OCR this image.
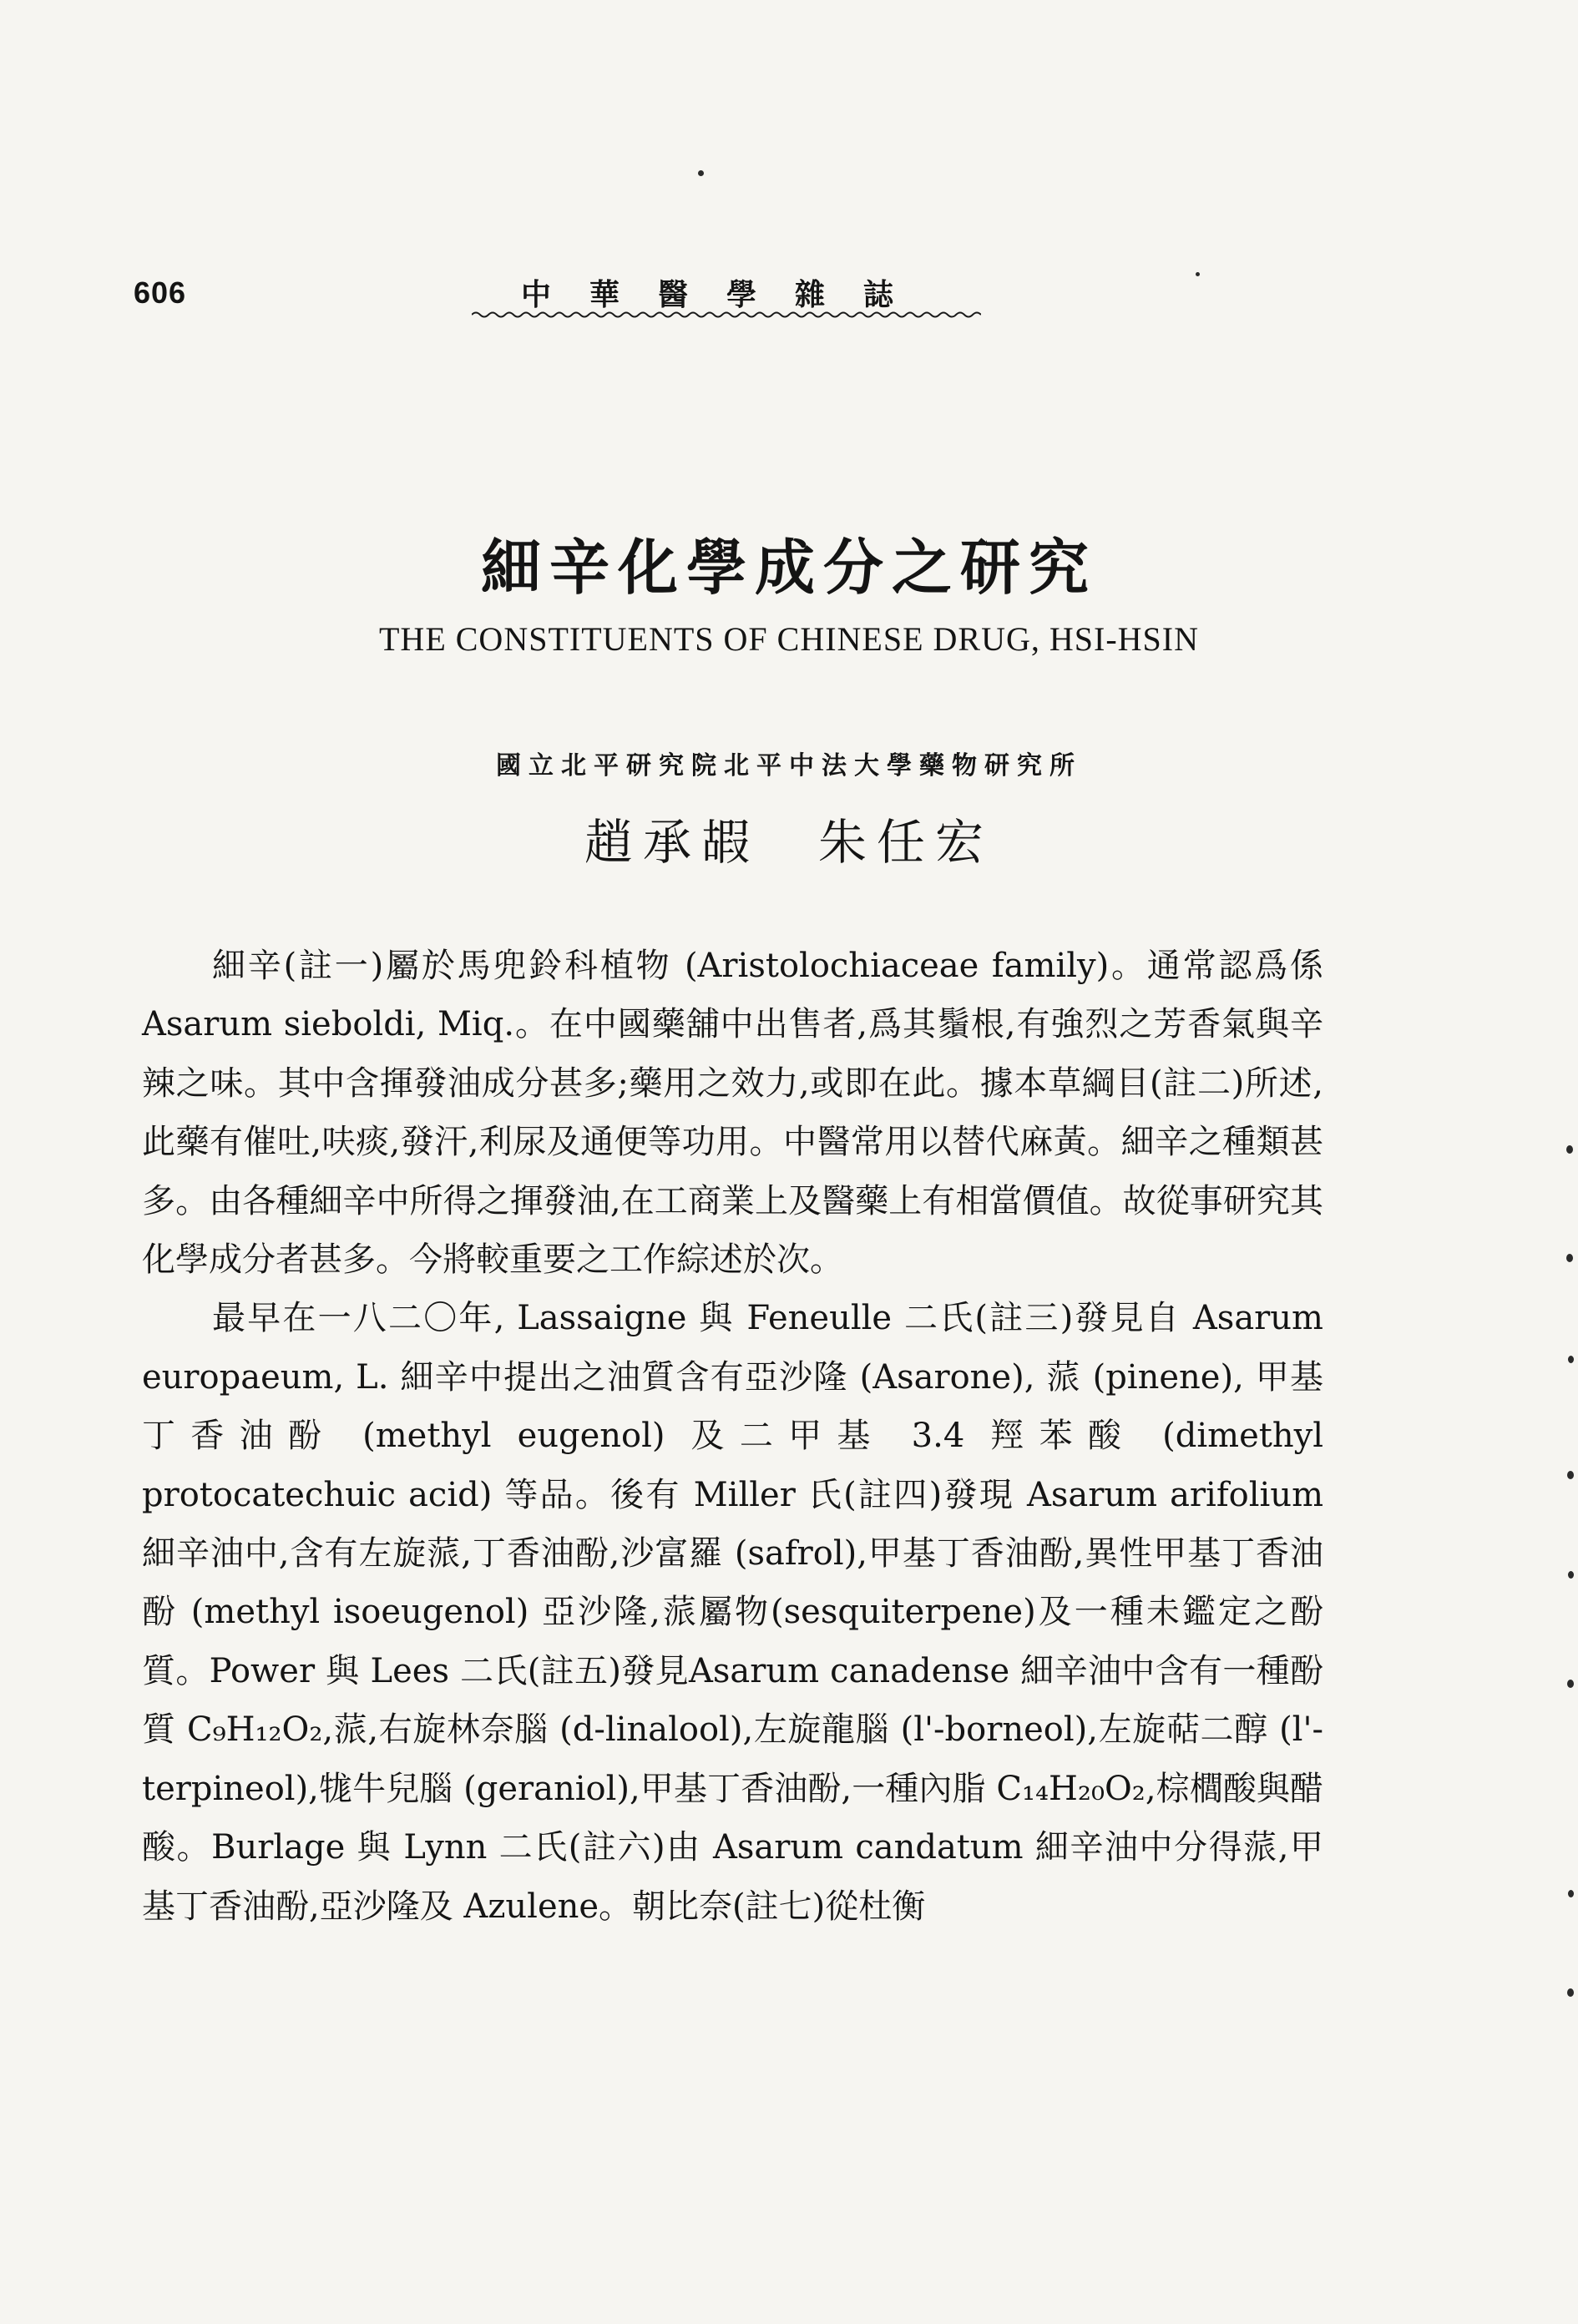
606	中華醫學雜誌
細辛化學成分之研究
THE CONSTITUENTS OF CHINESE DRUG, HSI-HSIN
國立北平研究院北平中法大學藥物研究所
趙承嘏　朱任宏

細辛(註一)屬於馬兜鈴科植物 (Aristolochiaceae family)。通常認爲係 Asarum sieboldi, Miq.。在中國藥舖中出售者,爲其鬚根,有強烈之芳香氣與辛辣之味。其中含揮發油成分甚多;藥用之效力,或即在此。據本草綱目(註二)所述,此藥有催吐,呋痰,發汗,利尿及通便等功用。中醫常用以替代麻黃。細辛之種類甚多。由各種細辛中所得之揮發油,在工商業上及醫藥上有相當價值。故從事研究其化學成分者甚多。今將較重要之工作綜述於次。

最早在一八二〇年, Lassaigne 與 Feneulle 二氏(註三)發見自 Asarum europaeum, L. 細辛中提出之油質含有亞沙隆 (Asarone), 蒎 (pinene), 甲基丁香油酚 (methyl eugenol) 及二甲基 3.4 羥苯酸 (dimethyl protocatechuic acid) 等品。後有 Miller 氏(註四)發現 Asarum arifolium 細辛油中,含有左旋蒎,丁香油酚,沙富羅 (safrol),甲基丁香油酚,異性甲基丁香油酚 (methyl isoeugenol) 亞沙隆,蒎屬物(sesquiterpene)及一種未鑑定之酚質。Power 與 Lees 二氏(註五)發見Asarum canadense 細辛油中含有一種酚質 C₉H₁₂O₂,蒎,右旋林奈腦 (d-linalool),左旋龍腦 (l'-borneol),左旋萜二醇 (l'-terpineol),牻牛兒腦 (geraniol),甲基丁香油酚,一種內脂 C₁₄H₂₀O₂,棕櫚酸與醋酸。Burlage 與 Lynn 二氏(註六)由 Asarum candatum 細辛油中分得蒎,甲基丁香油酚,亞沙隆及 Azulene。朝比奈(註七)從杜衡
